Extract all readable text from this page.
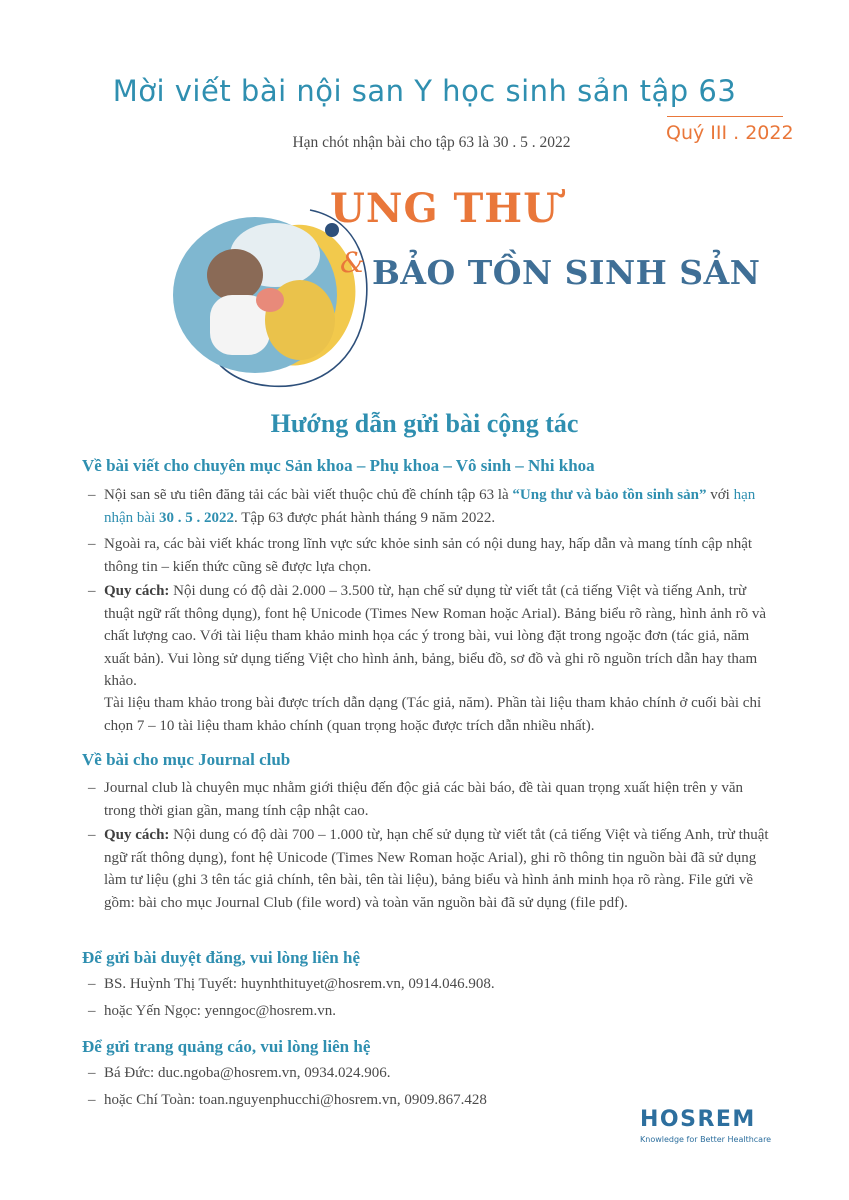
Mời viết bài nội san Y học sinh sản tập 63
Hạn chót nhận bài cho tập 63 là 30 . 5 . 2022	Quý III . 2022
UNG THƯ
& BẢO TỒN SINH SẢN
Hướng dẫn gửi bài cộng tác
Về bài viết cho chuyên mục Sản khoa – Phụ khoa – Vô sinh – Nhi khoa
– Nội san sẽ ưu tiên đăng tải các bài viết thuộc chủ đề chính tập 63 là “Ung thư và bảo tồn sinh sản” với hạn nhận bài 30 . 5 . 2022. Tập 63 được phát hành tháng 9 năm 2022.
– Ngoài ra, các bài viết khác trong lĩnh vực sức khỏe sinh sản có nội dung hay, hấp dẫn và mang tính cập nhật thông tin – kiến thức cũng sẽ được lựa chọn.
– Quy cách: Nội dung có độ dài 2.000 – 3.500 từ, hạn chế sử dụng từ viết tắt (cả tiếng Việt và tiếng Anh, trừ thuật ngữ rất thông dụng), font hệ Unicode (Times New Roman hoặc Arial). Bảng biểu rõ ràng, hình ảnh rõ và chất lượng cao. Với tài liệu tham khảo minh họa các ý trong bài, vui lòng đặt trong ngoặc đơn (tác giả, năm xuất bản). Vui lòng sử dụng tiếng Việt cho hình ảnh, bảng, biểu đồ, sơ đồ và ghi rõ nguồn trích dẫn hay tham khảo.
Tài liệu tham khảo trong bài được trích dẫn dạng (Tác giả, năm). Phần tài liệu tham khảo chính ở cuối bài chỉ chọn 7 – 10 tài liệu tham khảo chính (quan trọng hoặc được trích dẫn nhiều nhất).
Về bài cho mục Journal club
– Journal club là chuyên mục nhằm giới thiệu đến độc giả các bài báo, đề tài quan trọng xuất hiện trên y văn trong thời gian gần, mang tính cập nhật cao.
– Quy cách: Nội dung có độ dài 700 – 1.000 từ, hạn chế sử dụng từ viết tắt (cả tiếng Việt và tiếng Anh, trừ thuật ngữ rất thông dụng), font hệ Unicode (Times New Roman hoặc Arial), ghi rõ thông tin nguồn bài đã sử dụng làm tư liệu (ghi 3 tên tác giả chính, tên bài, tên tài liệu), bảng biểu và hình ảnh minh họa rõ ràng. File gửi về gồm: bài cho mục Journal Club (file word) và toàn văn nguồn bài đã sử dụng (file pdf).
Để gửi bài duyệt đăng, vui lòng liên hệ
– BS. Huỳnh Thị Tuyết: huynhthituyet@hosrem.vn, 0914.046.908.
– hoặc Yến Ngọc: yenngoc@hosrem.vn.
Để gửi trang quảng cáo, vui lòng liên hệ
– Bá Đức: duc.ngoba@hosrem.vn, 0934.024.906.
– hoặc Chí Toàn: toan.nguyenphucchi@hosrem.vn, 0909.867.428
HOSREM
Knowledge for Better Healthcare
